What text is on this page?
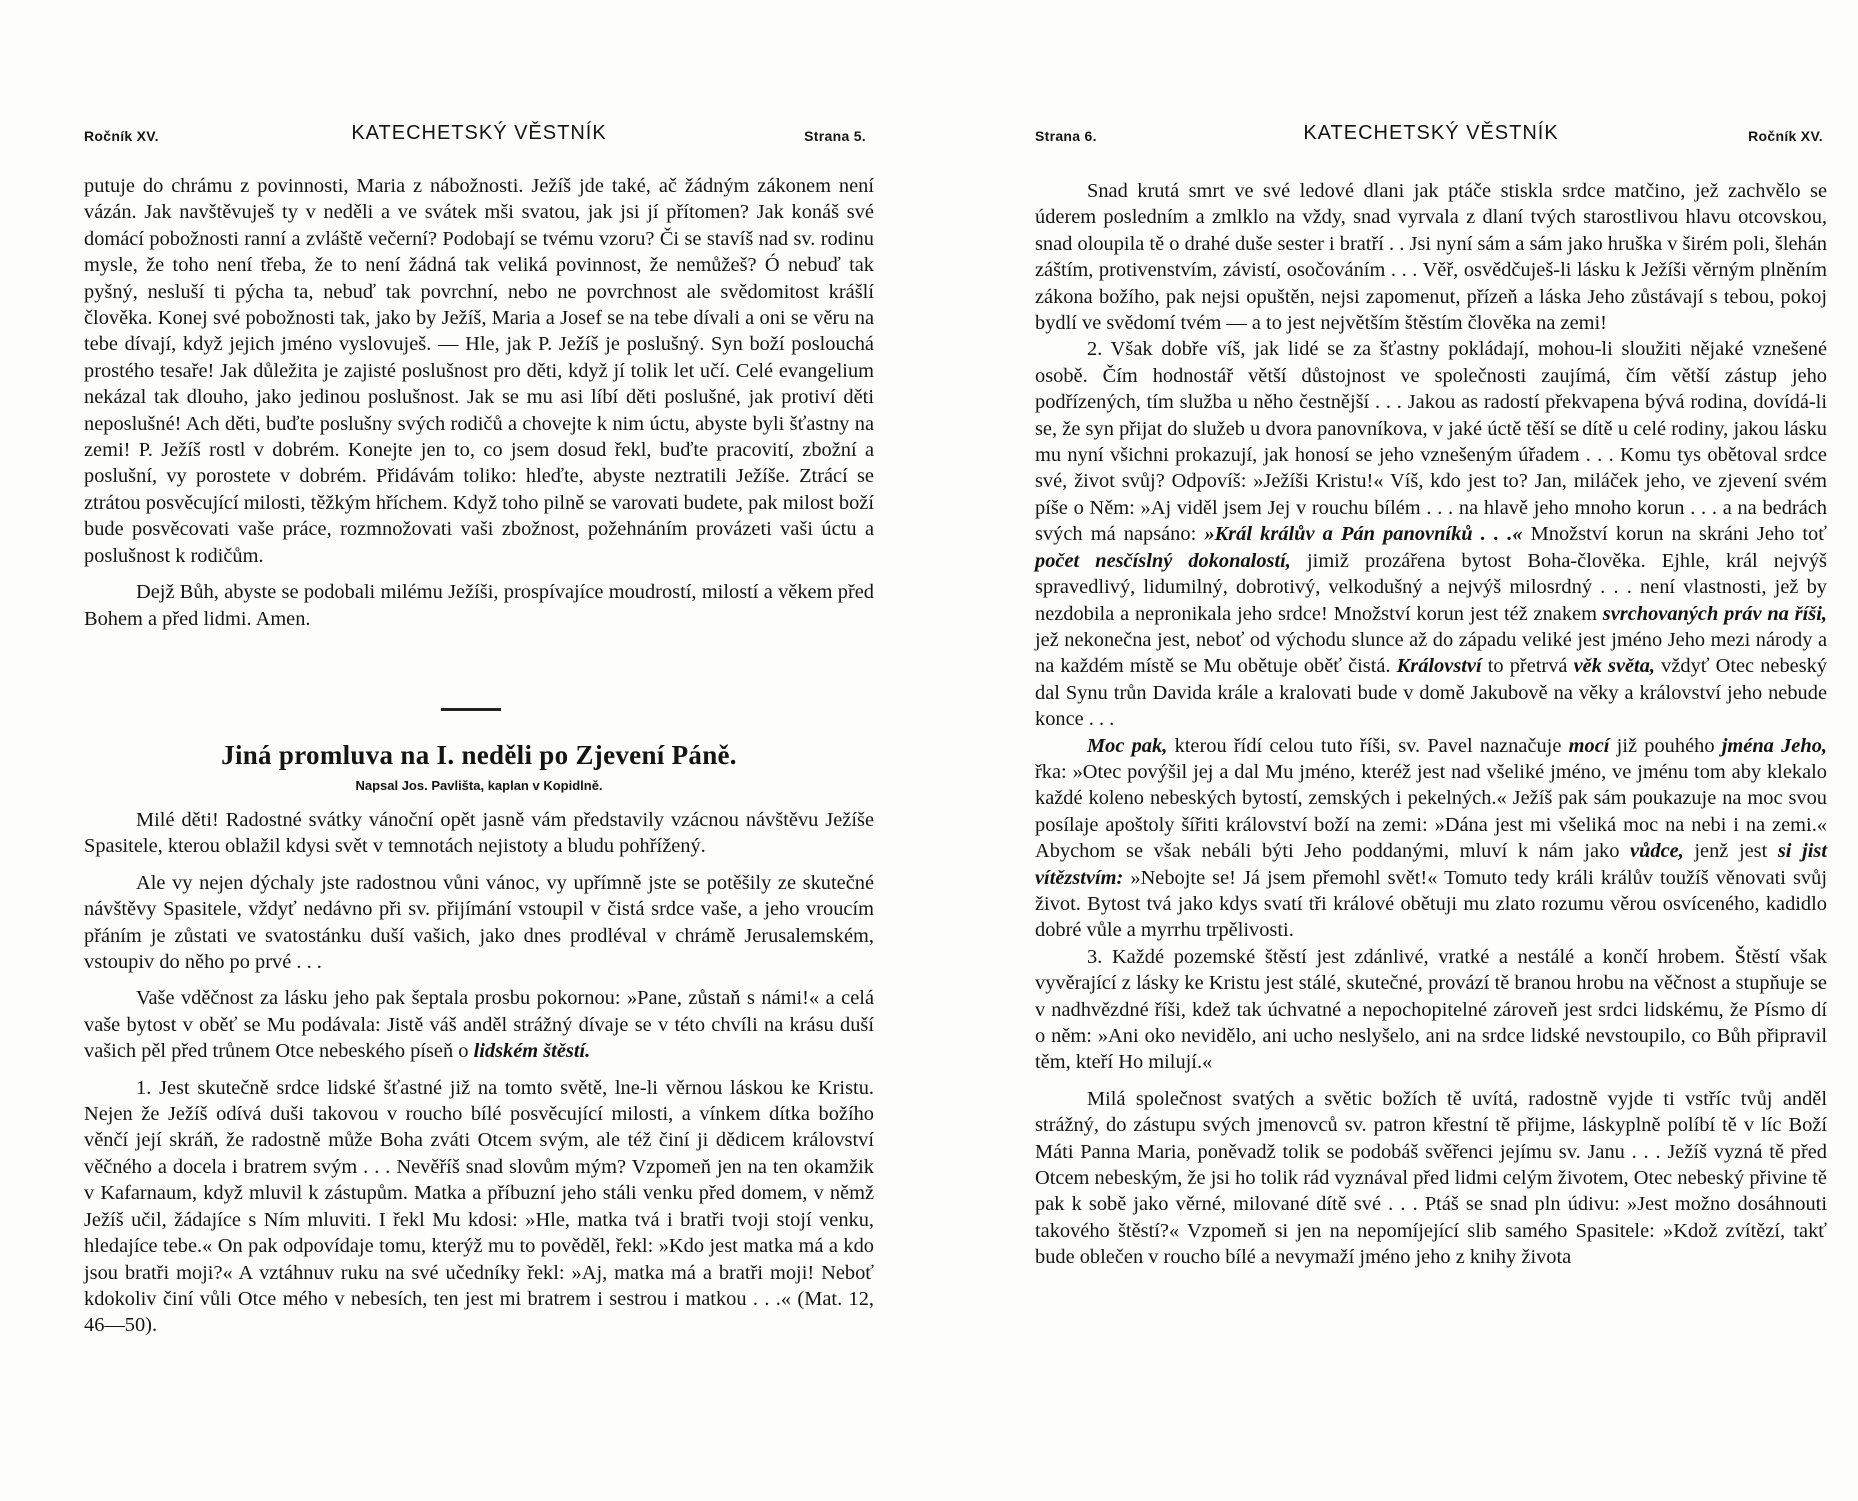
Ročník XV.	KATECHETSKÝ VĚSTNÍK	Strana 5.

putuje do chrámu z povinnosti, Maria z nábožnosti. Ježíš jde také, ač žádným zákonem není vázán. Jak navštěvuješ ty v neděli a ve svátek mši svatou, jak jsi jí přítomen? Jak konáš své domácí pobožnosti ranní a zvláště večerní? Podobají se tvému vzoru? Či se stavíš nad sv. rodinu mysle, že toho není třeba, že to není žádná tak veliká povinnost, že nemůžeš? Ó nebuď tak pyšný, nesluší ti pýcha ta, nebuď tak povrchní, nebo ne povrchnost ale svědomitost krášlí člověka. Konej své pobožnosti tak, jako by Ježíš, Maria a Josef se na tebe dívali a oni se věru na tebe dívají, když jejich jméno vyslovuješ. — Hle, jak P. Ježíš je poslušný. Syn boží poslouchá prostého tesaře! Jak důležita je zajisté poslušnost pro děti, když jí tolik let učí. Celé evangelium nekázal tak dlouho, jako jedinou poslušnost. Jak se mu asi líbí děti poslušné, jak protiví děti neposlušné! Ach děti, buďte poslušny svých rodičů a chovejte k nim úctu, abyste byli šťastny na zemi! P. Ježíš rostl v dobrém. Konejte jen to, co jsem dosud řekl, buďte pracovití, zbožní a poslušní, vy porostete v dobrém. Přidávám toliko: hleďte, abyste neztratili Ježíše. Ztrácí se ztrátou posvěcující milosti, těžkým hříchem. Když toho pilně se varovati budete, pak milost boží bude posvěcovati vaše práce, rozmnožovati vaši zbožnost, požehnáním provázeti vaši úctu a poslušnost k rodičům.

Dejž Bůh, abyste se podobali milému Ježíši, prospívajíce moudrostí, milostí a věkem před Bohem a před lidmi. Amen.

Jiná promluva na I. neděli po Zjevení Páně.
Napsal Jos. Pavlišta, kaplan v Kopidlně.

Milé děti! Radostné svátky vánoční opět jasně vám představily vzácnou návštěvu Ježíše Spasitele, kterou oblažil kdysi svět v temnotách nejistoty a bludu pohřížený.

Ale vy nejen dýchaly jste radostnou vůni vánoc, vy upřímně jste se potěšily ze skutečné návštěvy Spasitele, vždyť nedávno při sv. přijímání vstoupil v čistá srdce vaše, a jeho vroucím přáním je zůstati ve svatostánku duší vašich, jako dnes prodléval v chrámě Jerusalemském, vstoupiv do něho po prvé . . .

Vaše vděčnost za lásku jeho pak šeptala prosbu pokornou: »Pane, zůstaň s námi!« a celá vaše bytost v oběť se Mu podávala: Jistě váš anděl strážný dívaje se v této chvíli na krásu duší vašich pěl před trůnem Otce nebeského píseň o lidském štěstí.

1. Jest skutečně srdce lidské šťastné již na tomto světě, lne-li věrnou láskou ke Kristu. Nejen že Ježíš odívá duši takovou v roucho bílé posvěcující milosti, a vínkem dítka božího věnčí její skráň, že radostně může Boha zváti Otcem svým, ale též činí ji dědicem království věčného a docela i bratrem svým . . . Nevěříš snad slovům mým? Vzpomeň jen na ten okamžik v Kafarnaum, když mluvil k zástupům. Matka a příbuzní jeho stáli venku před domem, v němž Ježíš učil, žádajíce s Ním mluviti. I řekl Mu kdosi: »Hle, matka tvá i bratři tvoji stojí venku, hledajíce tebe.« On pak odpovídaje tomu, kterýž mu to pověděl, řekl: »Kdo jest matka má a kdo jsou bratři moji?« A vztáhnuv ruku na své učedníky řekl: »Aj, matka má a bratři moji! Neboť kdokoliv činí vůli Otce mého v nebesích, ten jest mi bratrem i sestrou i matkou . . .« (Mat. 12, 46—50).

Strana 6.	KATECHETSKÝ VĚSTNÍK	Ročník XV.

Snad krutá smrt ve své ledové dlani jak ptáče stiskla srdce matčino, jež zachvělo se úderem posledním a zmlklo na vždy, snad vyrvala z dlaní tvých starostlivou hlavu otcovskou, snad oloupila tě o drahé duše sester i bratří . . Jsi nyní sám a sám jako hruška v širém poli, šlehán záštím, protivenstvím, závistí, osočováním . . . Věř, osvědčuješ-li lásku k Ježíši věrným plněním zákona božího, pak nejsi opuštěn, nejsi zapomenut, přízeň a láska Jeho zůstávají s tebou, pokoj bydlí ve svědomí tvém — a to jest největším štěstím člověka na zemi!

2. Však dobře víš, jak lidé se za šťastny pokládají, mohou-li sloužiti nějaké vznešené osobě. Čím hodnostář větší důstojnost ve společnosti zaujímá, čím větší zástup jeho podřízených, tím služba u něho čestnější . . . Jakou as radostí překvapena bývá rodina, dovídá-li se, že syn přijat do služeb u dvora panovníkova, v jaké úctě těší se dítě u celé rodiny, jakou lásku mu nyní všichni prokazují, jak honosí se jeho vznešeným úřadem . . . Komu tys obětoval srdce své, život svůj? Odpovíš: »Ježíši Kristu!« Víš, kdo jest to? Jan, miláček jeho, ve zjevení svém píše o Něm: »Aj viděl jsem Jej v rouchu bílém . . . na hlavě jeho mnoho korun . . . a na bedrách svých má napsáno: »Král králův a Pán panovníků . . .« Množství korun na skráni Jeho toť počet nesčíslný dokonalostí, jimiž prozářena bytost Boha-člověka. Ejhle, král nejvýš spravedlivý, lidumilný, dobrotivý, velkodušný a nejvýš milosrdný . . . není vlastnosti, jež by nezdobila a nepronikala jeho srdce! Množství korun jest též znakem svrchovaných práv na říši, jež nekonečna jest, neboť od východu slunce až do západu veliké jest jméno Jeho mezi národy a na každém místě se Mu obětuje oběť čistá. Království to přetrvá věk světa, vždyť Otec nebeský dal Synu trůn Davida krále a kralovati bude v domě Jakubově na věky a království jeho nebude konce . . .

Moc pak, kterou řídí celou tuto říši, sv. Pavel naznačuje mocí již pouhého jména Jeho, řka: »Otec povýšil jej a dal Mu jméno, kteréž jest nad všeliké jméno, ve jménu tom aby klekalo každé koleno nebeských bytostí, zemských i pekelných.« Ježíš pak sám poukazuje na moc svou posílaje apoštoly šířiti království boží na zemi: »Dána jest mi všeliká moc na nebi i na zemi.« Abychom se však nebáli býti Jeho poddanými, mluví k nám jako vůdce, jenž jest si jist vítězstvím: »Nebojte se! Já jsem přemohl svět!« Tomuto tedy králi králův toužíš věnovati svůj život. Bytost tvá jako kdys svatí tři králové obětuji mu zlato rozumu věrou osvíceného, kadidlo dobré vůle a myrrhu trpělivosti.

3. Každé pozemské štěstí jest zdánlivé, vratké a nestálé a končí hrobem. Štěstí však vyvěrající z lásky ke Kristu jest stálé, skutečné, provází tě branou hrobu na věčnost a stupňuje se v nadhvězdné říši, kdež tak úchvatné a nepochopitelné zároveň jest srdci lidskému, že Písmo dí o něm: »Ani oko nevidělo, ani ucho neslyšelo, ani na srdce lidské nevstoupilo, co Bůh připravil těm, kteří Ho milují.«

Milá společnost svatých a světic božích tě uvítá, radostně vyjde ti vstříc tvůj anděl strážný, do zástupu svých jmenovců sv. patron křestní tě přijme, láskyplně políbí tě v líc Boží Máti Panna Maria, poněvadž tolik se podobáš svěřenci jejímu sv. Janu . . . Ježíš vyzná tě před Otcem nebeským, že jsi ho tolik rád vyznával před lidmi celým životem, Otec nebeský přivine tě pak k sobě jako věrné, milované dítě své . . . Ptáš se snad pln údivu: »Jest možno dosáhnouti takového štěstí?« Vzpomeň si jen na nepomíjející slib samého Spasitele: »Kdož zvítězí, takť bude oblečen v roucho bílé a nevymaží jméno jeho z knihy života
